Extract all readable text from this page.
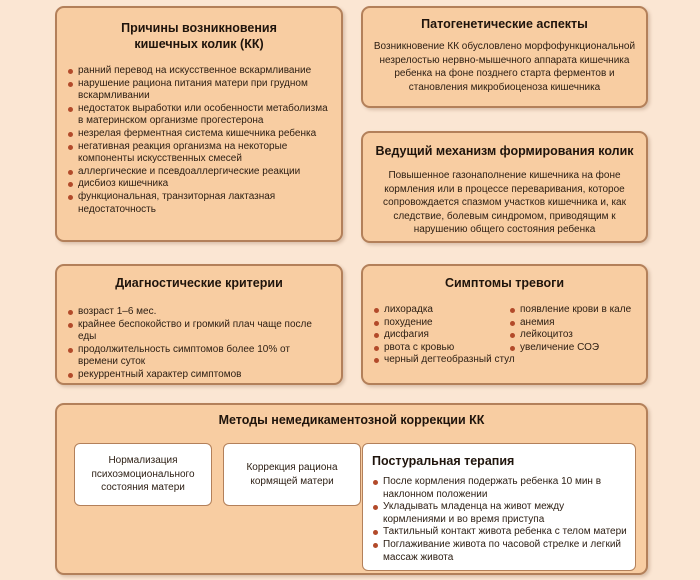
Причины возникновения
кишечных колик (КК)
ранний перевод на искусственное вскармливание
нарушение рациона питания матери при грудном вскармливании
недостаток выработки или особенности метаболизма в материнском организме прогестерона
незрелая ферментная система кишечника ребенка
негативная реакция организма на некоторые компоненты искусственных смесей
аллергические и псевдоаллергические реакции
дисбиоз кишечника
функциональная, транзиторная лактазная недостаточность
Патогенетические аспекты
Возникновение КК обусловлено морфофункциональной незрелостью нервно-мышечного аппарата кишечника ребенка на фоне позднего старта ферментов и становления микробиоценоза кишечника
Ведущий механизм формирования колик
Повышенное газонаполнение кишечника на фоне кормления или в процессе переваривания, которое сопровождается спазмом участков кишечника и, как следствие, болевым синдромом, приводящим к нарушению общего состояния ребенка
Диагностические критерии
возраст 1–6 мес.
крайнее беспокойство и громкий плач чаще после еды
продолжительность симптомов более 10% от времени суток
рекуррентный характер симптомов
Симптомы тревоги
лихорадка
похудение
дисфагия
рвота с кровью
черный дегтеобразный стул
появление крови в кале
анемия
лейкоцитоз
увеличение СОЭ
Методы немедикаментозной коррекции КК
Нормализация психоэмоционального состояния матери
Коррекция рациона кормящей матери
Постуральная терапия
После кормления подержать ребенка 10 мин в наклонном положении
Укладывать младенца на живот между кормлениями и во время приступа
Тактильный контакт живота ребенка с телом матери
Поглаживание живота по часовой стрелке и легкий массаж живота
